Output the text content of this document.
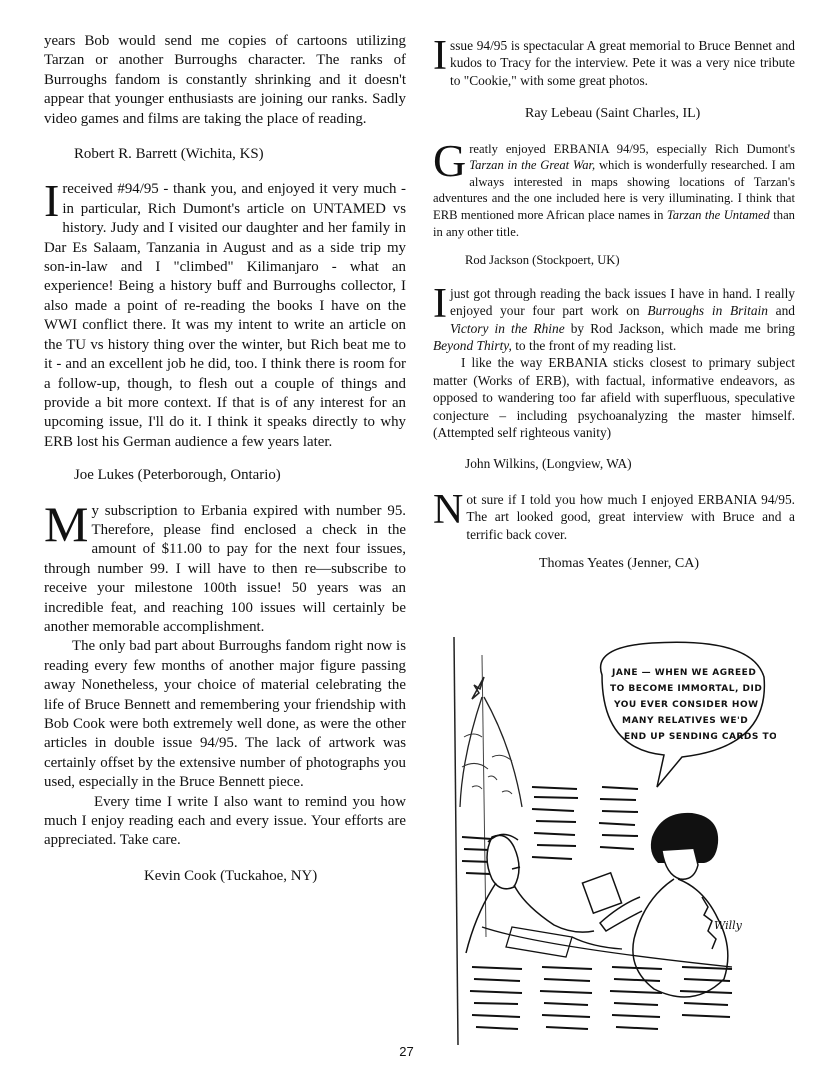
years Bob would send me copies of cartoons utilizing Tarzan or another Burroughs character. The ranks of Burroughs fandom is constantly shrinking and it doesn't appear that younger enthusiasts are joining our ranks. Sadly video games and films are taking the place of reading.

Robert R. Barrett (Wichita, KS)

I received #94/95 - thank you, and enjoyed it very much - in particular, Rich Dumont's article on UNTAMED vs history. Judy and I visited our daughter and her family in Dar Es Salaam, Tanzania in August and as a side trip my son-in-law and I "climbed" Kilimanjaro - what an experience! Being a history buff and Burroughs collector, I also made a point of re-reading the books I have on the WWI conflict there. It was my intent to write an article on the TU vs history thing over the winter, but Rich beat me to it - and an excellent job he did, too. I think there is room for a follow-up, though, to flesh out a couple of things and provide a bit more context. If that is of any interest for an upcoming issue, I'll do it. I think it speaks directly to why ERB lost his German audience a few years later.

Joe Lukes (Peterborough, Ontario)

M y subscription to Erbania expired with number 95. Therefore, please find enclosed a check in the amount of $11.00 to pay for the next four issues, through number 99. I will have to then re—subscribe to receive your milestone 100th issue! 50 years was an incredible feat, and reaching 100 issues will certainly be another memorable accomplishment.

The only bad part about Burroughs fandom right now is reading every few months of another major figure passing away Nonetheless, your choice of material celebrating the life of Bruce Bennett and remembering your friendship with Bob Cook were both extremely well done, as were the other articles in double issue 94/95. The lack of artwork was certainly offset by the extensive number of photographs you used, especially in the Bruce Bennett piece.

Every time I write I also want to remind you how much I enjoy reading each and every issue. Your efforts are appreciated. Take care.

Kevin Cook (Tuckahoe, NY)

I ssue 94/95 is spectacular A great memorial to Bruce Bennet and kudos to Tracy for the interview. Pete it was a very nice tribute to "Cookie," with some great photos.

Ray Lebeau (Saint Charles, IL)

G reatly enjoyed ERBANIA 94/95, especially Rich Dumont's Tarzan in the Great War, which is wonderfully researched. I am always interested in maps showing locations of Tarzan's adventures and the one included here is very illuminating. I think that ERB mentioned more African place names in Tarzan the Untamed than in any other title.

Rod Jackson (Stockpoert, UK)

I just got through reading the back issues I have in hand. I really enjoyed your four part work on Burroughs in Britain and Victory in the Rhine by Rod Jackson, which made me bring Beyond Thirty, to the front of my reading list.

I like the way ERBANIA sticks closest to primary subject matter (Works of ERB), with factual, informative endeavors, as opposed to wandering too far afield with superfluous, speculative conjecture – including psychoanalyzing the master himself. (Attempted self righteous vanity)

John Wilkins, (Longview, WA)

N ot sure if I told you how much I enjoyed ERBANIA 94/95. The art looked good, great interview with Bruce and a terrific back cover.

Thomas Yeates (Jenner, CA)

JANE — WHEN WE AGREED
TO BECOME IMMORTAL, DID
YOU EVER CONSIDER HOW
MANY RELATIVES WE'D
END UP SENDING CARDS TO?
Willy
27
